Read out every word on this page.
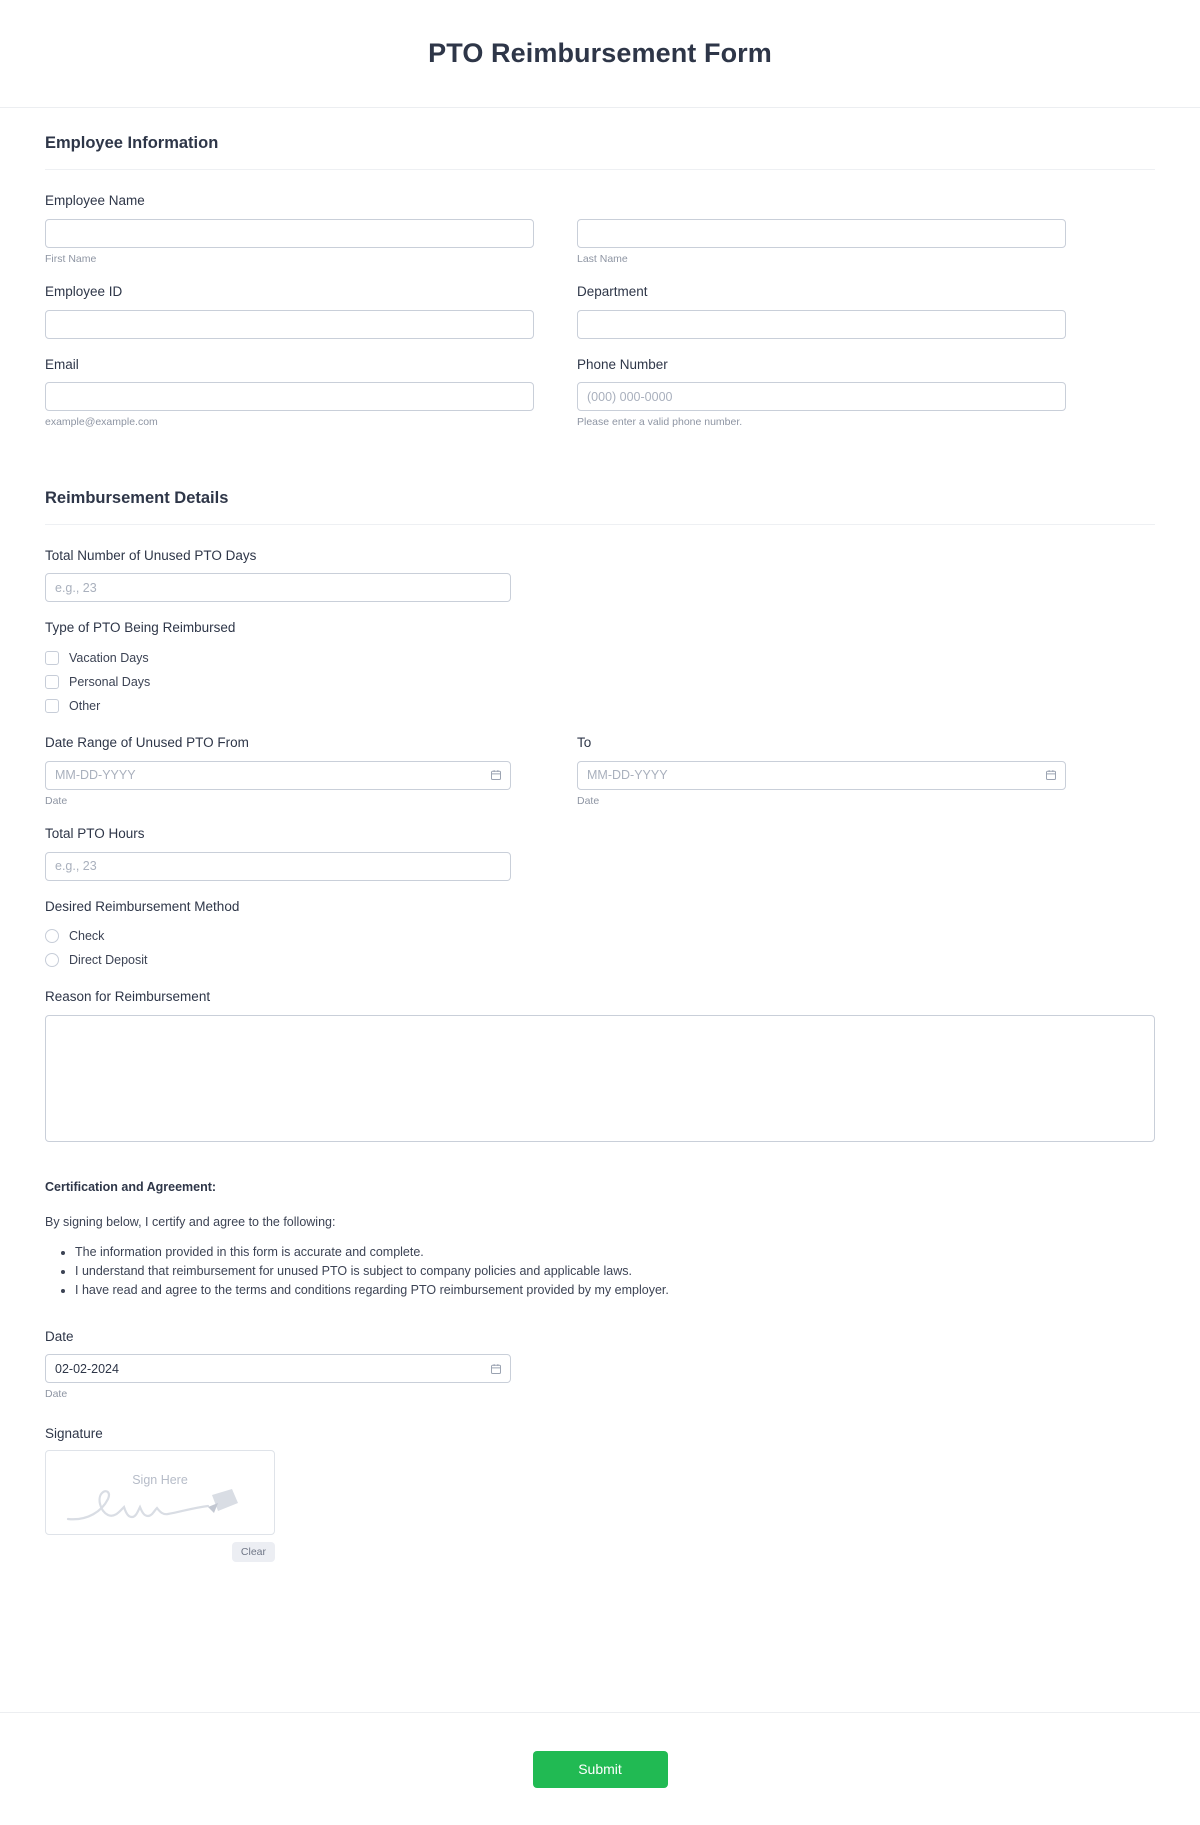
PTO Reimbursement Form
Employee Information
Employee Name
First Name	Last Name
Employee ID	Department
Email
example@example.com
Phone Number
(000) 000-0000
Please enter a valid phone number.
Reimbursement Details
Total Number of Unused PTO Days
e.g., 23
Type of PTO Being Reimbursed
Vacation Days
Personal Days
Other
Date Range of Unused PTO From
MM-DD-YYYY
Date
To
MM-DD-YYYY
Date
Total PTO Hours
e.g., 23
Desired Reimbursement Method
Check
Direct Deposit
Reason for Reimbursement
Certification and Agreement:
By signing below, I certify and agree to the following:
• The information provided in this form is accurate and complete.
• I understand that reimbursement for unused PTO is subject to company policies and applicable laws.
• I have read and agree to the terms and conditions regarding PTO reimbursement provided by my employer.
Date
02-02-2024
Date
Signature
Sign Here
Clear
Submit
